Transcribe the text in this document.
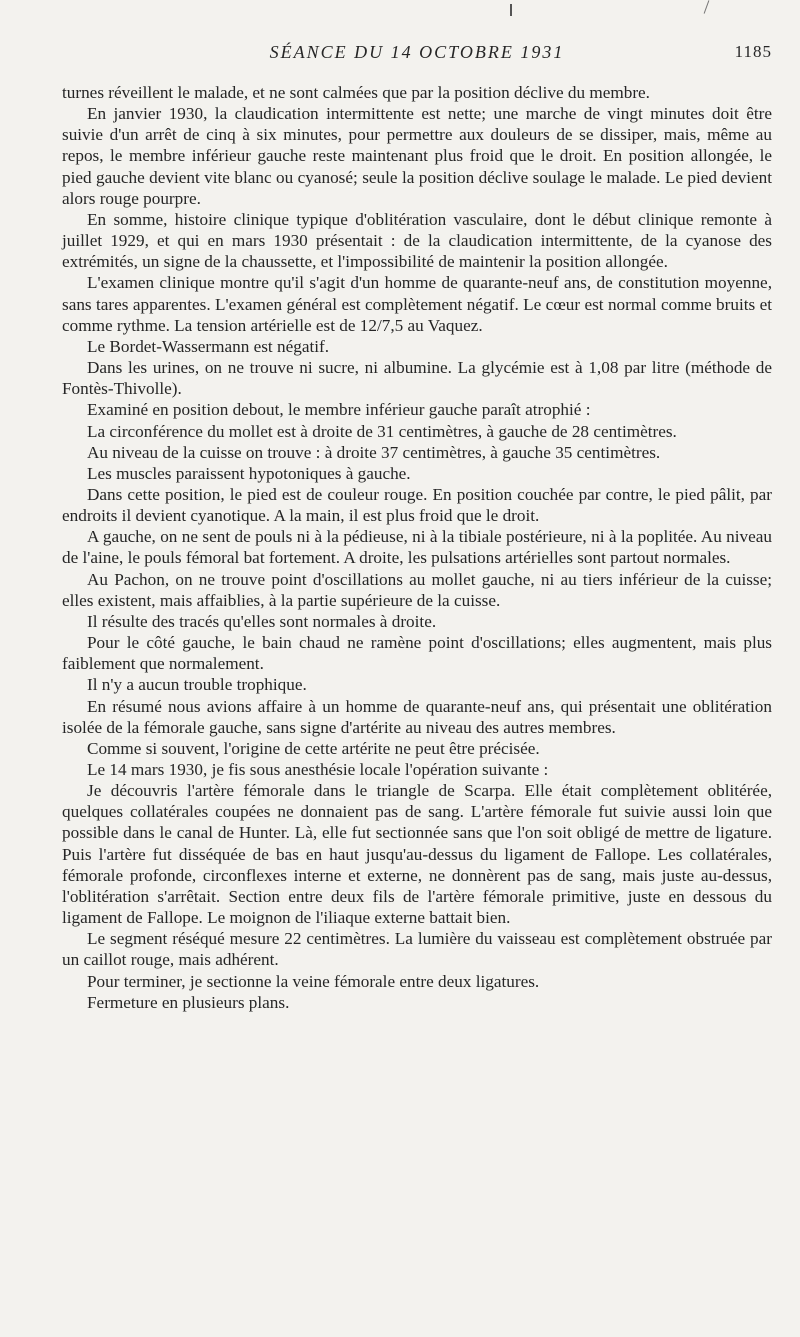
SÉANCE DU 14 OCTOBRE 1931	1185

turnes réveillent le malade, et ne sont calmées que par la position déclive du membre.

En janvier 1930, la claudication intermittente est nette; une marche de vingt minutes doit être suivie d'un arrêt de cinq à six minutes, pour permettre aux douleurs de se dissiper, mais, même au repos, le membre inférieur gauche reste maintenant plus froid que le droit. En position allongée, le pied gauche devient vite blanc ou cyanosé; seule la position déclive soulage le malade. Le pied devient alors rouge pourpre.

En somme, histoire clinique typique d'oblitération vasculaire, dont le début clinique remonte à juillet 1929, et qui en mars 1930 présentait : de la claudication intermittente, de la cyanose des extrémités, un signe de la chaussette, et l'impossibilité de maintenir la position allongée.

L'examen clinique montre qu'il s'agit d'un homme de quarante-neuf ans, de constitution moyenne, sans tares apparentes. L'examen général est complètement négatif. Le cœur est normal comme bruits et comme rythme. La tension artérielle est de 12/7,5 au Vaquez.

Le Bordet-Wassermann est négatif.

Dans les urines, on ne trouve ni sucre, ni albumine. La glycémie est à 1,08 par litre (méthode de Fontès-Thivolle).

Examiné en position debout, le membre inférieur gauche paraît atrophié :

La circonférence du mollet est à droite de 31 centimètres, à gauche de 28 centimètres.

Au niveau de la cuisse on trouve : à droite 37 centimètres, à gauche 35 centimètres.

Les muscles paraissent hypotoniques à gauche.

Dans cette position, le pied est de couleur rouge. En position couchée par contre, le pied pâlit, par endroits il devient cyanotique. A la main, il est plus froid que le droit.

A gauche, on ne sent de pouls ni à la pédieuse, ni à la tibiale postérieure, ni à la poplitée. Au niveau de l'aine, le pouls fémoral bat fortement. A droite, les pulsations artérielles sont partout normales.

Au Pachon, on ne trouve point d'oscillations au mollet gauche, ni au tiers inférieur de la cuisse; elles existent, mais affaiblies, à la partie supérieure de la cuisse.

Il résulte des tracés qu'elles sont normales à droite.

Pour le côté gauche, le bain chaud ne ramène point d'oscillations; elles augmentent, mais plus faiblement que normalement.

Il n'y a aucun trouble trophique.

En résumé nous avions affaire à un homme de quarante-neuf ans, qui présentait une oblitération isolée de la fémorale gauche, sans signe d'artérite au niveau des autres membres.

Comme si souvent, l'origine de cette artérite ne peut être précisée.

Le 14 mars 1930, je fis sous anesthésie locale l'opération suivante :

Je découvris l'artère fémorale dans le triangle de Scarpa. Elle était complètement oblitérée, quelques collatérales coupées ne donnaient pas de sang. L'artère fémorale fut suivie aussi loin que possible dans le canal de Hunter. Là, elle fut sectionnée sans que l'on soit obligé de mettre de ligature. Puis l'artère fut disséquée de bas en haut jusqu'au-dessus du ligament de Fallope. Les collatérales, fémorale profonde, circonflexes interne et externe, ne donnèrent pas de sang, mais juste au-dessus, l'oblitération s'arrêtait. Section entre deux fils de l'artère fémorale primitive, juste en dessous du ligament de Fallope. Le moignon de l'iliaque externe battait bien.

Le segment réséqué mesure 22 centimètres. La lumière du vaisseau est complètement obstruée par un caillot rouge, mais adhérent.

Pour terminer, je sectionne la veine fémorale entre deux ligatures.

Fermeture en plusieurs plans.
